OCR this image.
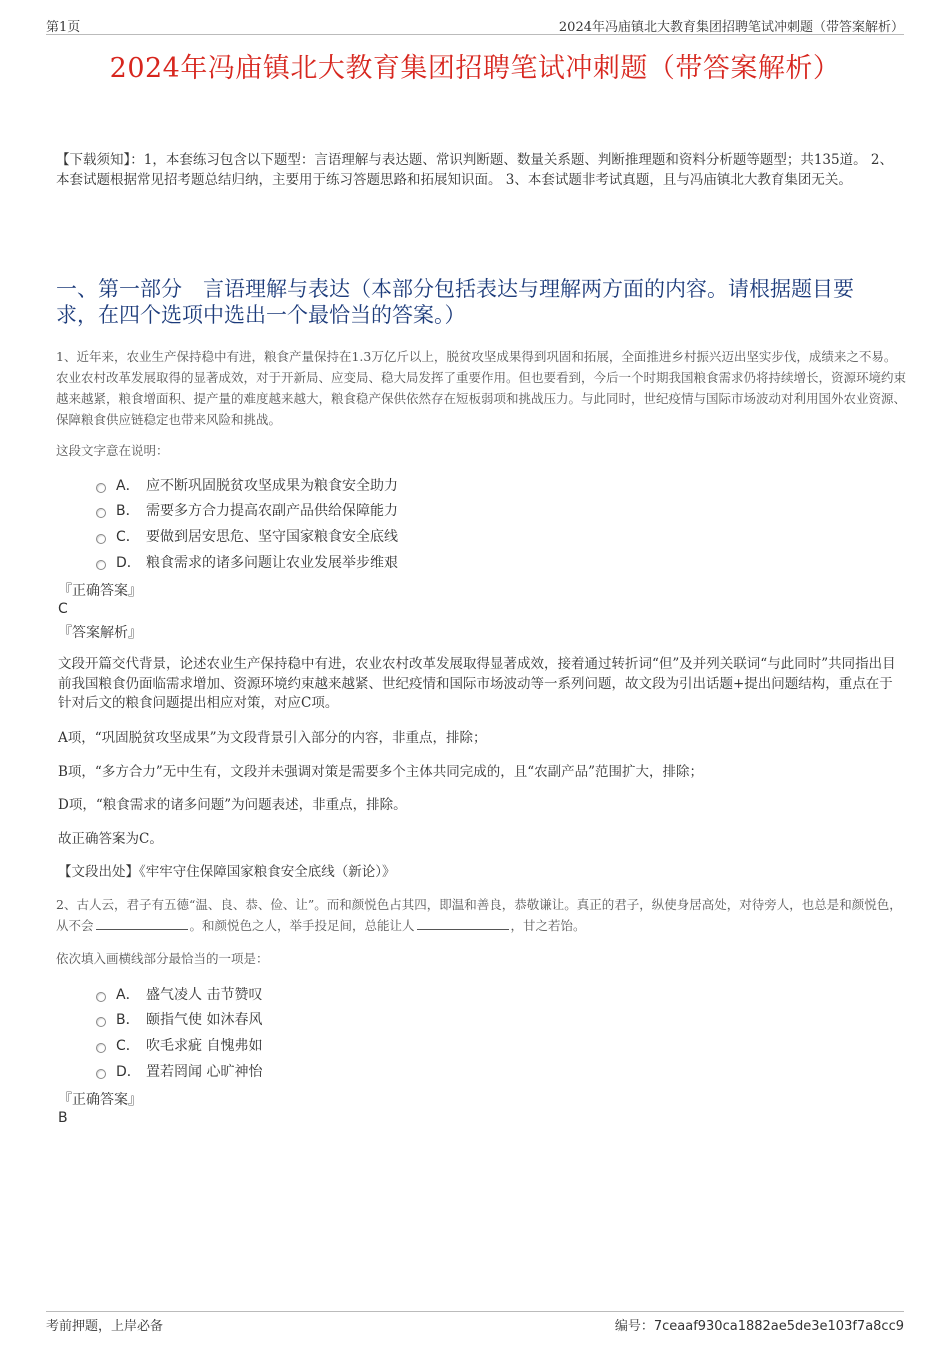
第1页	2024年冯庙镇北大教育集团招聘笔试冲刺题（带答案解析）
2024年冯庙镇北大教育集团招聘笔试冲刺题（带答案解析）
【下载须知】：1，本套练习包含以下题型：言语理解与表达题、常识判断题、数量关系题、判断推理题和资料分析题等题型；共135道。 2、本套试题根据常见招考题总结归纳，主要用于练习答题思路和拓展知识面。 3、本套试题非考试真题，且与冯庙镇北大教育集团无关。
一、第一部分　言语理解与表达（本部分包括表达与理解两方面的内容。请根据题目要求，在四个选项中选出一个最恰当的答案。）
1、近年来，农业生产保持稳中有进，粮食产量保持在1.3万亿斤以上，脱贫攻坚成果得到巩固和拓展，全面推进乡村振兴迈出坚实步伐，成绩来之不易。农业农村改革发展取得的显著成效，对于开新局、应变局、稳大局发挥了重要作用。但也要看到，今后一个时期我国粮食需求仍将持续增长，资源环境约束越来越紧，粮食增面积、提产量的难度越来越大，粮食稳产保供依然存在短板弱项和挑战压力。与此同时，世纪疫情与国际市场波动对利用国外农业资源、保障粮食供应链稳定也带来风险和挑战。
这段文字意在说明：
A． 应不断巩固脱贫攻坚成果为粮食安全助力
B． 需要多方合力提高农副产品供给保障能力
C． 要做到居安思危、坚守国家粮食安全底线
D． 粮食需求的诸多问题让农业发展举步维艰
『正确答案』
C
『答案解析』
文段开篇交代背景，论述农业生产保持稳中有进，农业农村改革发展取得显著成效，接着通过转折词“但”及并列关联词“与此同时”共同指出目前我国粮食仍面临需求增加、资源环境约束越来越紧、世纪疫情和国际市场波动等一系列问题，故文段为引出话题+提出问题结构，重点在于针对后文的粮食问题提出相应对策，对应C项。
A项，“巩固脱贫攻坚成果”为文段背景引入部分的内容，非重点，排除；
B项，“多方合力”无中生有，文段并未强调对策是需要多个主体共同完成的，且“农副产品”范围扩大，排除；
D项，“粮食需求的诸多问题”为问题表述，非重点，排除。
故正确答案为C。
【文段出处】《牢牢守住保障国家粮食安全底线（新论）》
2、古人云，君子有五德“温、良、恭、俭、让”。而和颜悦色占其四，即温和善良，恭敬谦让。真正的君子，纵使身居高处，对待旁人，也总是和颜悦色，从不会	。和颜悦色之人，举手投足间，总能让人	，甘之若饴。
依次填入画横线部分最恰当的一项是：
A． 盛气凌人 击节赞叹
B． 颐指气使 如沐春风
C． 吹毛求疵 自愧弗如
D． 置若罔闻 心旷神怡
『正确答案』
B
考前押题，上岸必备	编号：7ceaaf930ca1882ae5de3e103f7a8cc9
